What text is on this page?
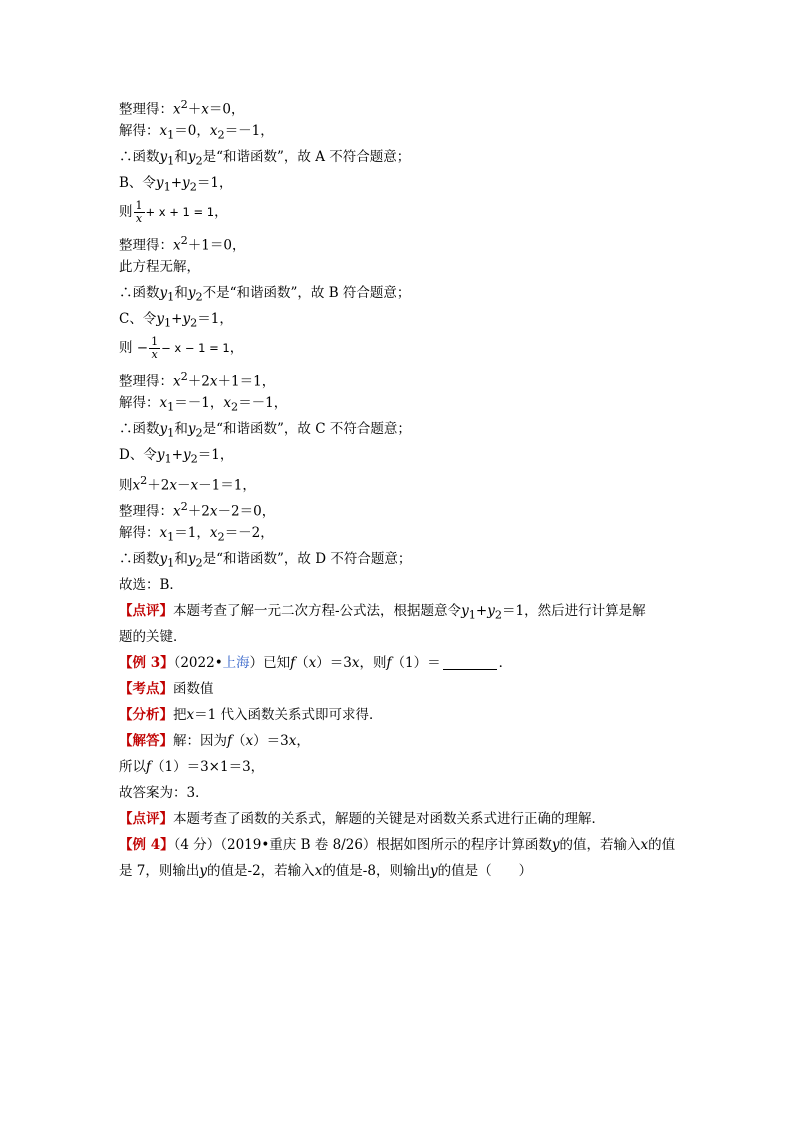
整理得：$x^2+x=0$，
解得：$x_1=0$，$x_2=-1$，
∴函数$y_1$和$y_2$是“和谐函数”，故 A 不符合题意；
B、令$y_1+y_2=1$，
则 $\frac{1}{x} + x + 1 = 1$，
整理得：$x^2+1=0$，
此方程无解，
∴函数$y_1$和$y_2$不是“和谐函数”，故 B 符合题意；
C、令$y_1+y_2=1$，
则 − $\frac{1}{x} - x - 1 = 1$，
整理得：$x^2+2x+1=1$，
解得：$x_1=-1$，$x_2=-1$，
∴函数$y_1$和$y_2$是“和谐函数”，故 C 不符合题意；
D、令$y_1+y_2=1$，
则$x^2+2x-x-1=1$，
整理得：$x^2+2x-2=0$，
解得：$x_1=1$，$x_2=-2$，
∴函数$y_1$和$y_2$是“和谐函数”，故 D 不符合题意；
故选：B．
【点评】本题考查了解一元二次方程-公式法，根据题意令$y_1+y_2=1$，然后进行计算是解
题的关键．
【例 3】（2022•上海）已知f（x）＝3x，则f（1）＝	．
【考点】函数值
【分析】把x＝1 代入函数关系式即可求得．
【解答】解：因为f（x）＝3x，
所以f（1）＝3×1＝3，
故答案为：3．
【点评】本题考查了函数的关系式，解题的关键是对函数关系式进行正确的理解．
【例 4】（4 分）（2019•重庆 B 卷 8/26）根据如图所示的程序计算函数y的值，若输入x的值
是 7，则输出y的值是-2，若输入x的值是-8，则输出y的值是（　　）
